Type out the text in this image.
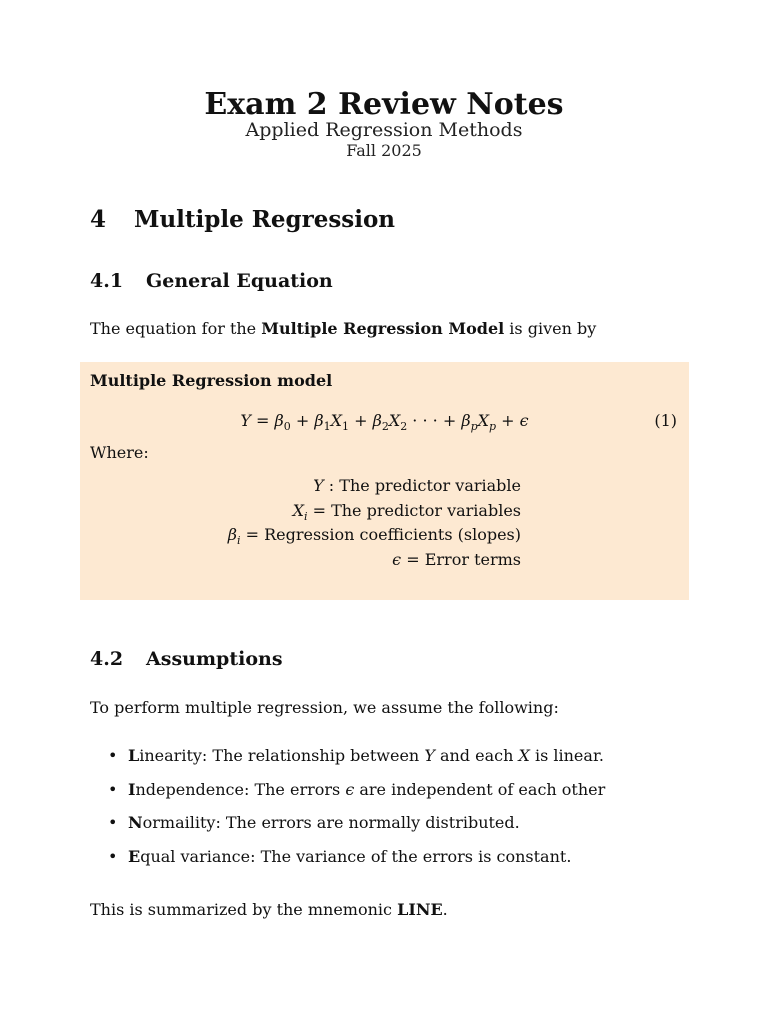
Exam 2 Review Notes
Applied Regression Methods
Fall 2025
4 Multiple Regression
4.1 General Equation
The equation for the Multiple Regression Model is given by
Multiple Regression model
$Y = \beta_0 + \beta_1X_1 + \beta_2X_2$ · · · + $\beta_pX_p + \epsilon$	(1)
Where:
Y : The predictor variable
$X_i$ = The predictor variables
$\beta_i$ = Regression coefficients (slopes)
ϵ = Error terms
4.2 Assumptions
To perform multiple regression, we assume the following:
• Linearity: The relationship between Y and each X is linear.
• Independence: The errors ϵ are independent of each other
• Normaility: The errors are normally distributed.
• Equal variance: The variance of the errors is constant.
This is summarized by the mnemonic LINE.
